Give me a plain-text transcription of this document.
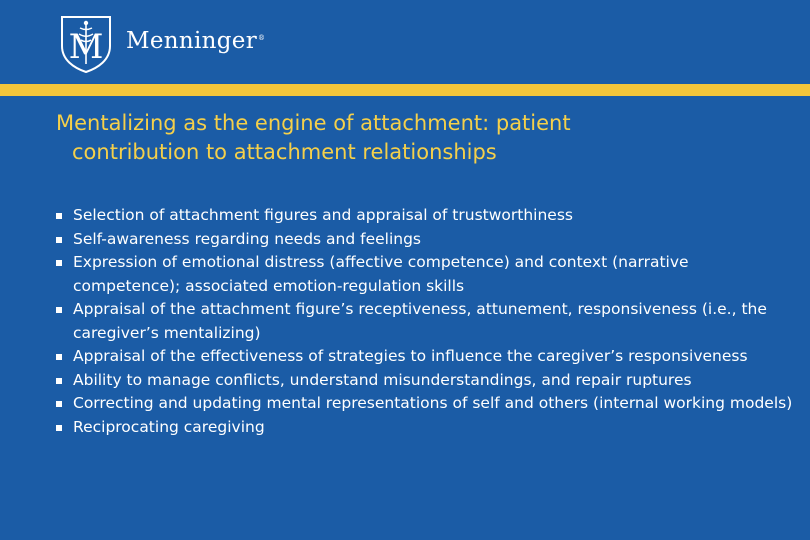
M Menninger®
Mentalizing as the engine of attachment: patient
contribution to attachment relationships
Selection of attachment figures and appraisal of trustworthiness
Self-awareness regarding needs and feelings
Expression of emotional distress (affective competence) and context (narrative competence); associated emotion-regulation skills
Appraisal of the attachment figure’s receptiveness, attunement, responsiveness (i.e., the caregiver’s mentalizing)
Appraisal of the effectiveness of strategies to influence the caregiver’s responsiveness
Ability to manage conflicts, understand misunderstandings, and repair ruptures
Correcting and updating mental representations of self and others (internal working models)
Reciprocating caregiving
